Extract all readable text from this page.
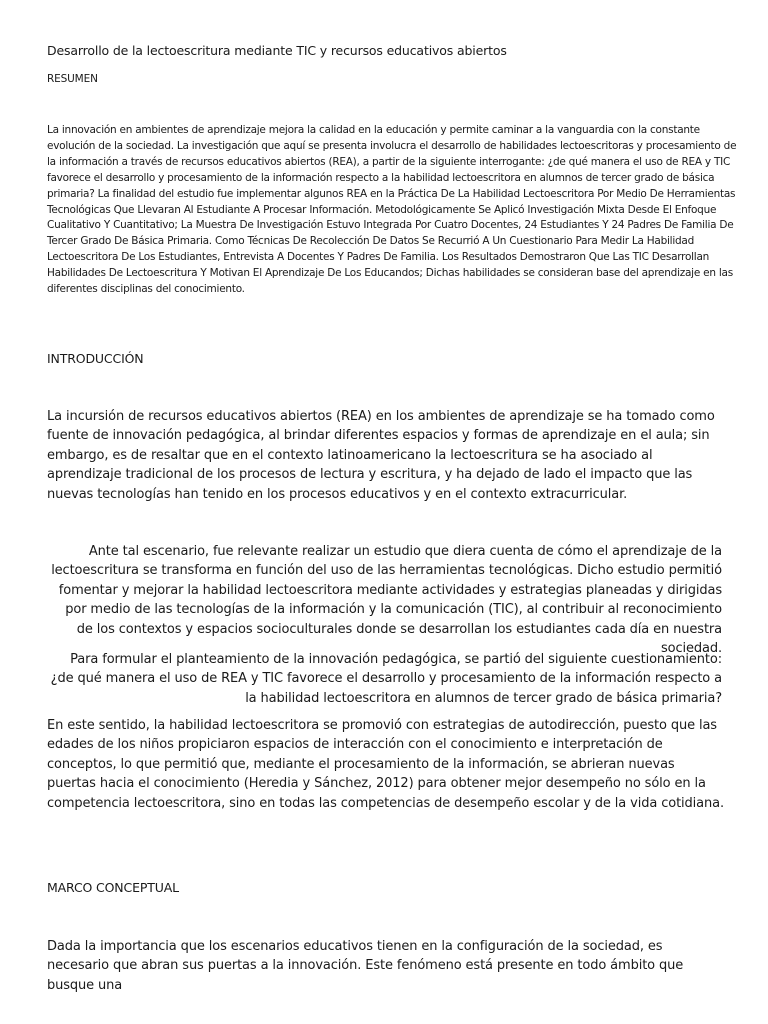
Desarrollo de la lectoescritura mediante TIC y recursos educativos abiertos

RESUMEN

La innovación en ambientes de aprendizaje mejora la calidad en la educación y permite caminar a la vanguardia con la constante evolución de la sociedad. La investigación que aquí se presenta involucra el desarrollo de habilidades lectoescritoras y procesamiento de la información a través de recursos educativos abiertos (REA), a partir de la siguiente interrogante: ¿de qué manera el uso de REA y TIC favorece el desarrollo y procesamiento de la información respecto a la habilidad lectoescritora en alumnos de tercer grado de básica primaria? La finalidad del estudio fue implementar algunos REA en la Práctica De La Habilidad Lectoescritora Por Medio De Herramientas Tecnológicas Que Llevaran Al Estudiante A Procesar Información. Metodológicamente Se Aplicó Investigación Mixta Desde El Enfoque Cualitativo Y Cuantitativo; La Muestra De Investigación Estuvo Integrada Por Cuatro Docentes, 24 Estudiantes Y 24 Padres De Familia De Tercer Grado De Básica Primaria. Como Técnicas De Recolección De Datos Se Recurrió A Un Cuestionario Para Medir La Habilidad Lectoescritora De Los Estudiantes, Entrevista A Docentes Y Padres De Familia. Los Resultados Demostraron Que Las TIC Desarrollan Habilidades De Lectoescritura Y Motivan El Aprendizaje De Los Educandos; Dichas habilidades se consideran base del aprendizaje en las diferentes disciplinas del conocimiento.

INTRODUCCIÓN

La incursión de recursos educativos abiertos (REA) en los ambientes de aprendizaje se ha tomado como fuente de innovación pedagógica, al brindar diferentes espacios y formas de aprendizaje en el aula; sin embargo, es de resaltar que en el contexto latinoamericano la lectoescritura se ha asociado al aprendizaje tradicional de los procesos de lectura y escritura, y ha dejado de lado el impacto que las nuevas tecnologías han tenido en los procesos educativos y en el contexto extracurricular.

Ante tal escenario, fue relevante realizar un estudio que diera cuenta de cómo el aprendizaje de la lectoescritura se transforma en función del uso de las herramientas tecnológicas. Dicho estudio permitió fomentar y mejorar la habilidad lectoescritora mediante actividades y estrategias planeadas y dirigidas por medio de las tecnologías de la información y la comunicación (TIC), al contribuir al reconocimiento de los contextos y espacios socioculturales donde se desarrollan los estudiantes cada día en nuestra sociedad.

Para formular el planteamiento de la innovación pedagógica, se partió del siguiente cuestionamiento: ¿de qué manera el uso de REA y TIC favorece el desarrollo y procesamiento de la información respecto a la habilidad lectoescritora en alumnos de tercer grado de básica primaria?

En este sentido, la habilidad lectoescritora se promovió con estrategias de autodirección, puesto que las edades de los niños propiciaron espacios de interacción con el conocimiento e interpretación de conceptos, lo que permitió que, mediante el procesamiento de la información, se abrieran nuevas puertas hacia el conocimiento (Heredia y Sánchez, 2012) para obtener mejor desempeño no sólo en la competencia lectoescritora, sino en todas las competencias de desempeño escolar y de la vida cotidiana.

MARCO CONCEPTUAL

Dada la importancia que los escenarios educativos tienen en la configuración de la sociedad, es necesario que abran sus puertas a la innovación. Este fenómeno está presente en todo ámbito que busque una
